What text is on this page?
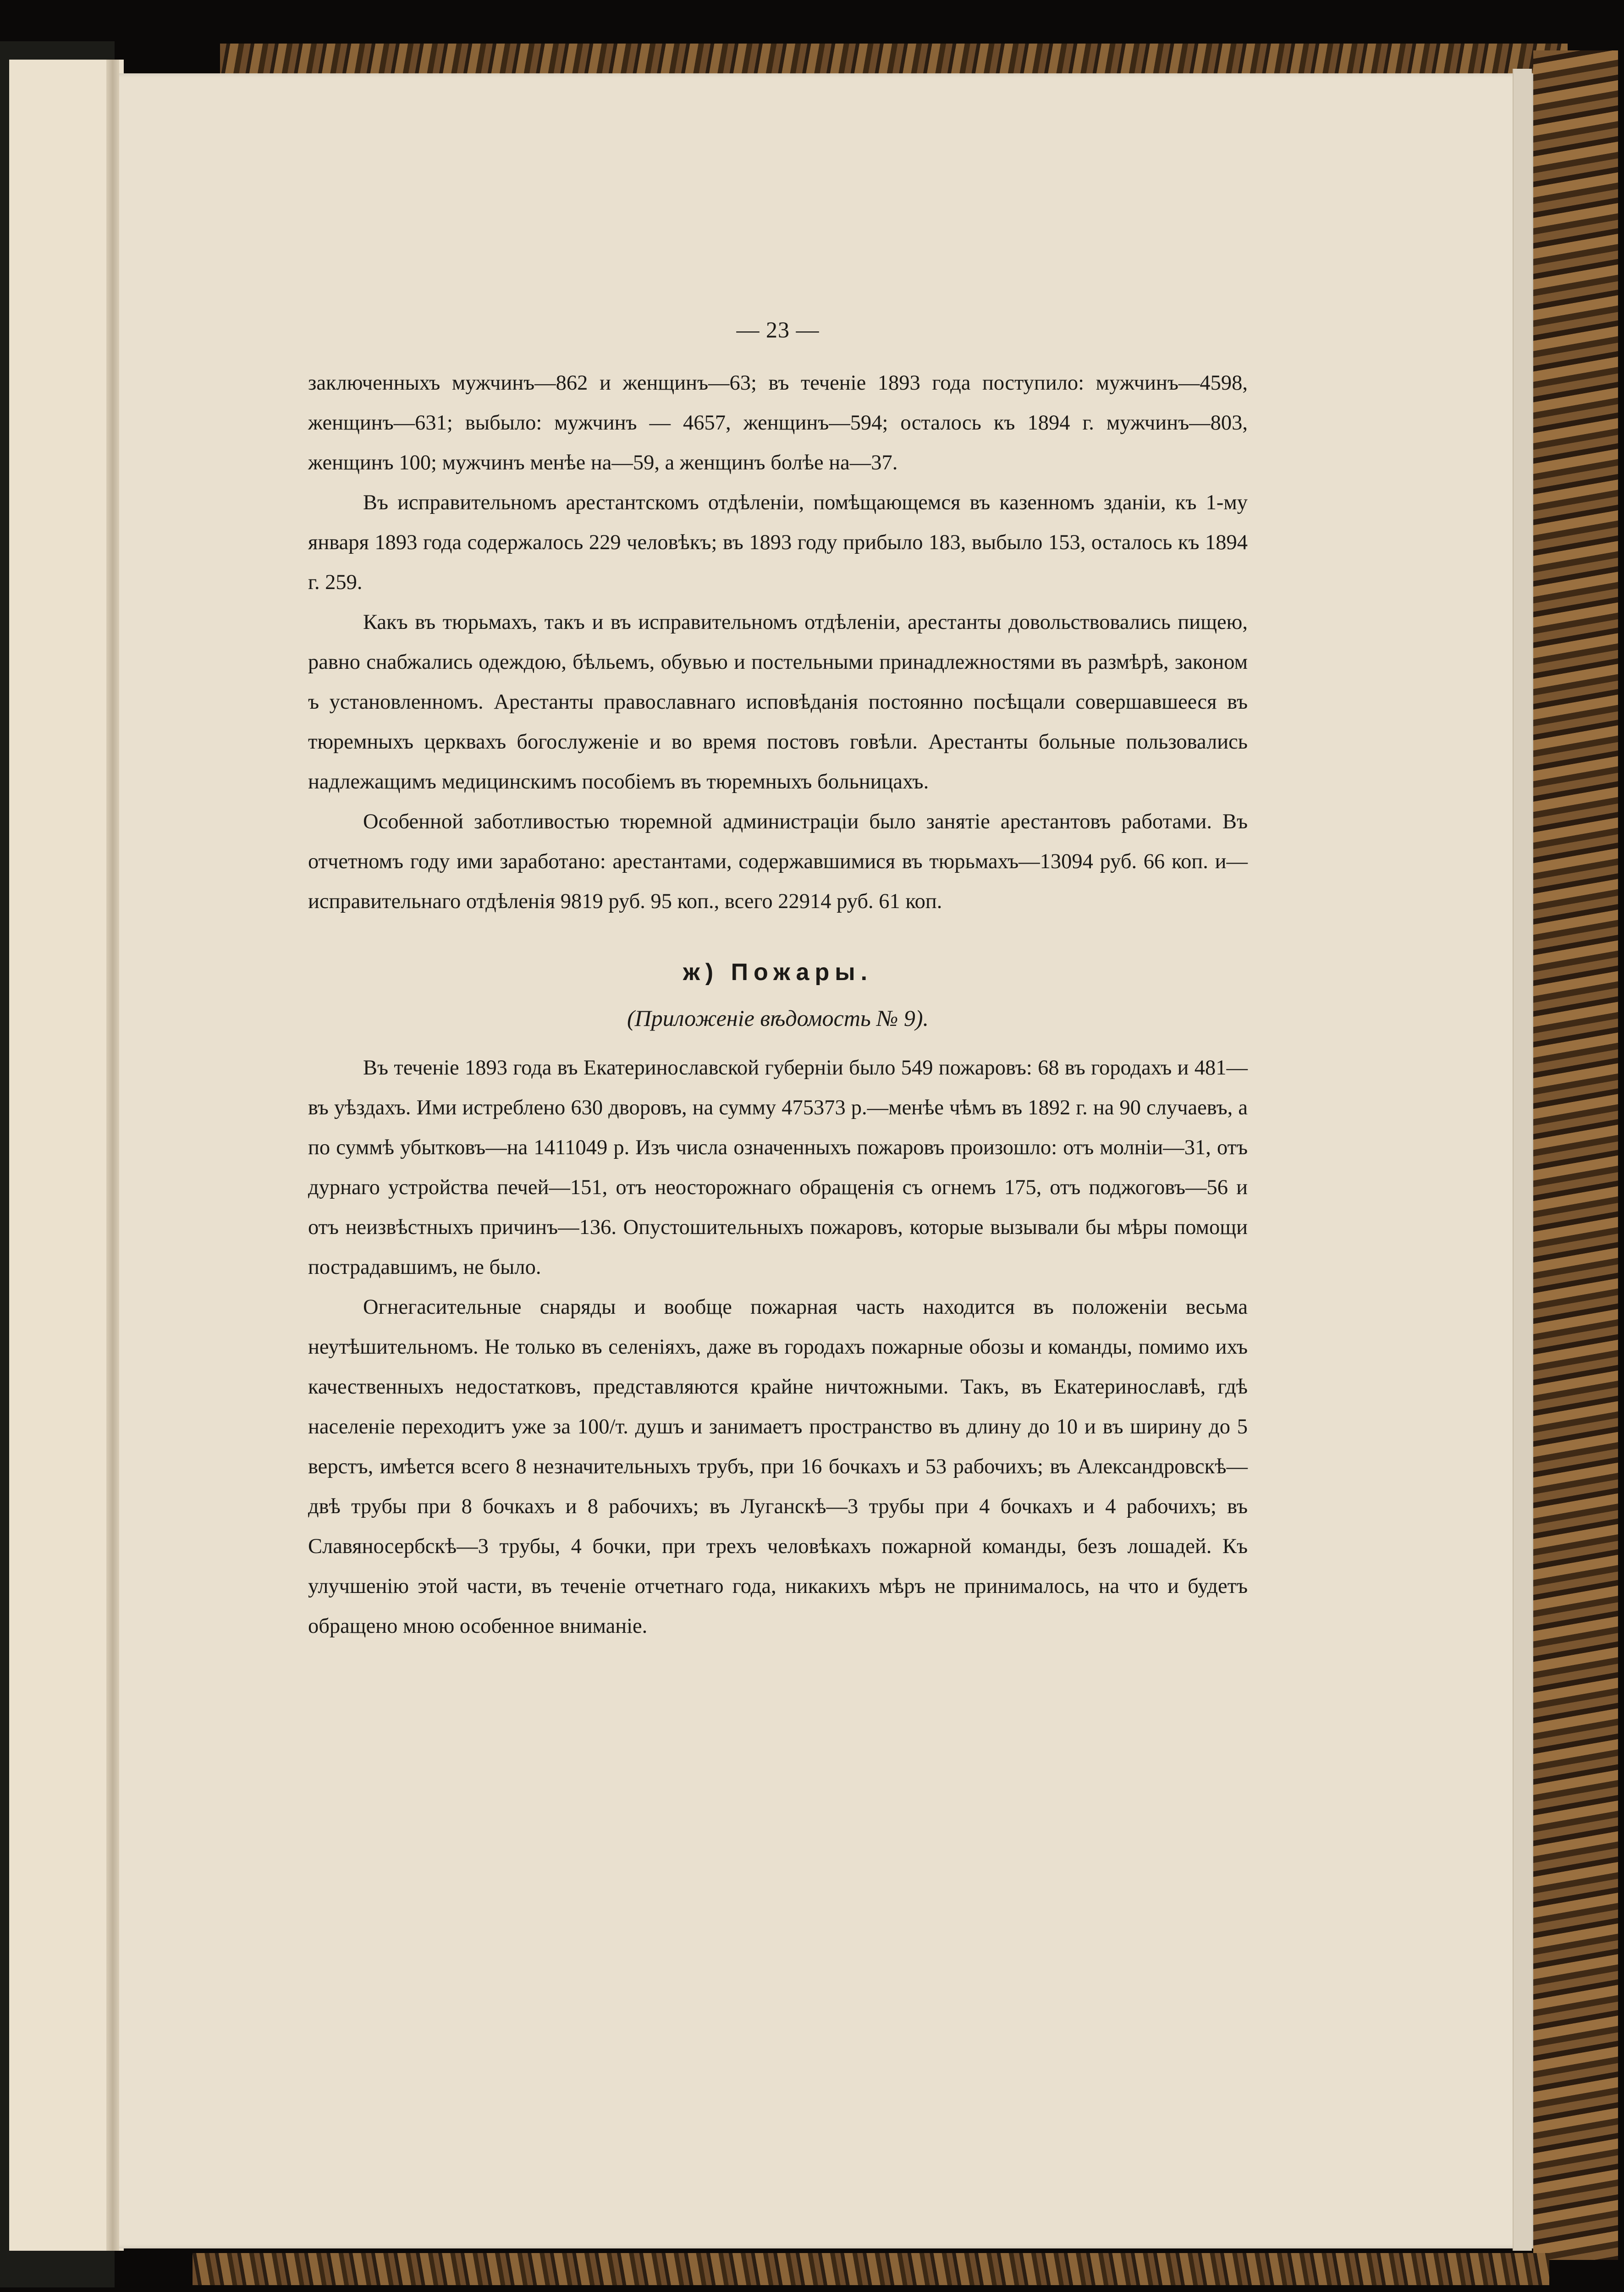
— 23 —

заключенныхъ мужчинъ—862 и женщинъ—63; въ теченіе 1893 года поступило: мужчинъ—4598, женщинъ—631; выбыло: мужчинъ — 4657, женщинъ—594; осталось къ 1894 г. мужчинъ—803, женщинъ 100; мужчинъ менѣе на—59, а женщинъ болѣе на—37.

Въ исправительномъ арестантскомъ отдѣленіи, помѣщающемся въ казенномъ зданіи, къ 1-му января 1893 года содержалось 229 человѣкъ; въ 1893 году прибыло 183, выбыло 153, осталось къ 1894 г. 259.

Какъ въ тюрьмахъ, такъ и въ исправительномъ отдѣленіи, арестанты довольствовались пищею, равно снабжались одеждою, бѣльемъ, обувью и постельными принадлежностями въ размѣрѣ, законом ъ установленномъ. Арестанты православнаго исповѣданія постоянно посѣщали совершавшееся въ тюремныхъ церквахъ богослуженіе и во время постовъ говѣли. Арестанты больные пользовались надлежащимъ медицинскимъ пособіемъ въ тюремныхъ больницахъ.

Особенной заботливостью тюремной администраціи было занятіе арестантовъ работами. Въ отчетномъ году ими заработано: арестантами, содержавшимися въ тюрьмахъ—13094 руб. 66 коп. и—исправительнаго отдѣленія 9819 руб. 95 коп., всего 22914 руб. 61 коп.

ж) Пожары.
(Приложеніе вѣдомость № 9).

Въ теченіе 1893 года въ Екатеринославской губерніи было 549 пожаровъ: 68 въ городахъ и 481—въ уѣздахъ. Ими истреблено 630 дворовъ, на сумму 475373 р.—менѣе чѣмъ въ 1892 г. на 90 случаевъ, а по суммѣ убытковъ—на 1411049 р. Изъ числа означенныхъ пожаровъ произошло: отъ молніи—31, отъ дурнаго устройства печей—151, отъ неосторожнаго обращенія съ огнемъ 175, отъ поджоговъ—56 и отъ неизвѣстныхъ причинъ—136. Опустошительныхъ пожаровъ, которые вызывали бы мѣры помощи пострадавшимъ, не было.

Огнегасительные снаряды и вообще пожарная часть находится въ положеніи весьма неутѣшительномъ. Не только въ селеніяхъ, даже въ городахъ пожарные обозы и команды, помимо ихъ качественныхъ недостатковъ, представляются крайне ничтожными. Такъ, въ Екатеринославѣ, гдѣ населеніе переходитъ уже за 100/т. душъ и занимаетъ пространство въ длину до 10 и въ ширину до 5 верстъ, имѣется всего 8 незначительныхъ трубъ, при 16 бочкахъ и 53 рабочихъ; въ Александровскѣ—двѣ трубы при 8 бочкахъ и 8 рабочихъ; въ Луганскѣ—3 трубы при 4 бочкахъ и 4 рабочихъ; въ Славяносербскѣ—3 трубы, 4 бочки, при трехъ человѣкахъ пожарной команды, безъ лошадей. Къ улучшенію этой части, въ теченіе отчетнаго года, никакихъ мѣръ не принималось, на что и будетъ обращено мною особенное вниманіе.
